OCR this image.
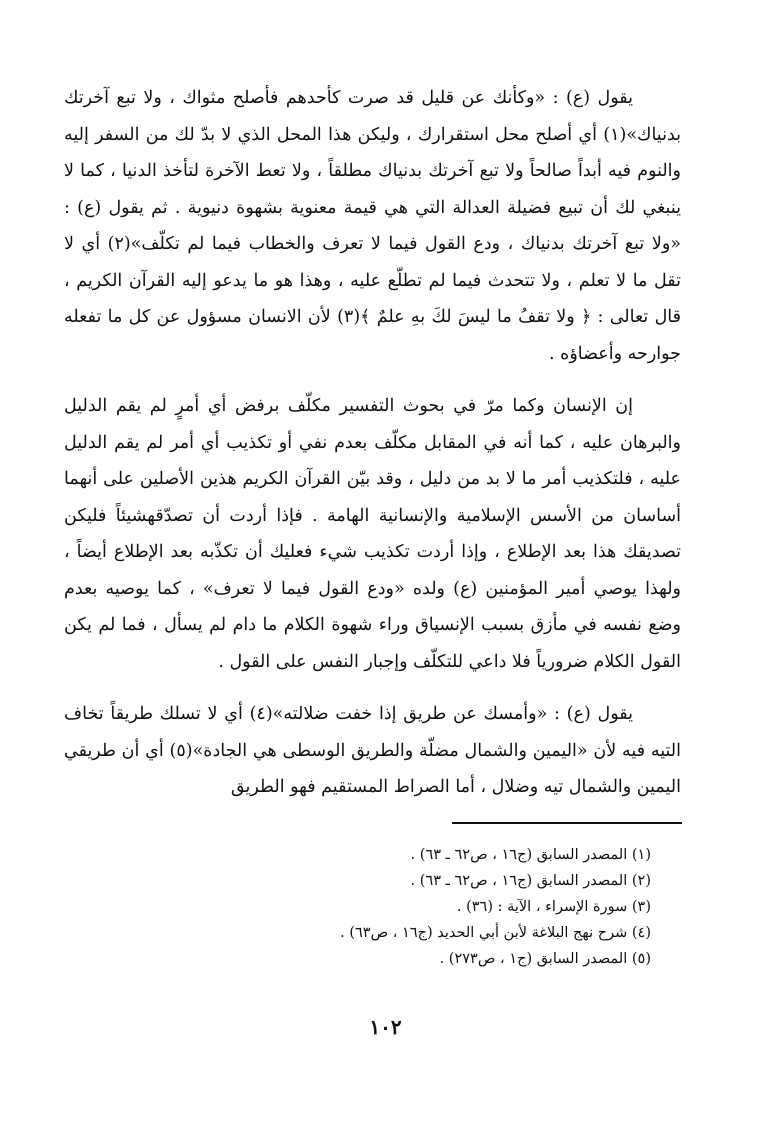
يقول (ع) : «وكأنك عن قليل قد صرت كأحدهم فأصلح مثواك ، ولا تبع آخرتك بدنياك»(١) أي أصلح محل استقرارك ، وليكن هذا المحل الذي لا بدّ لك من السفر إليه والنوم فيه أبداً صالحاً ولا تبع آخرتك بدنياك مطلقاً ، ولا تعط الآخرة لتأخذ الدنيا ، كما لا ينبغي لك أن تبيع فضيلة العدالة التي هي قيمة معنوية بشهوة دنيوية . ثم يقول (ع) : «ولا تبع آخرتك بدنياك ، ودع القول فيما لا تعرف والخطاب فيما لم تكلّف»(٢) أي لا تقل ما لا تعلم ، ولا تتحدث فيما لم تطلّع عليه ، وهذا هو ما يدعو إليه القرآن الكريم ، قال تعالى : ﴿ ولا تقفُ ما ليسَ لكَ بهِ علمٌ ﴾(٣) لأن الانسان مسؤول عن كل ما تفعله جوارحه وأعضاؤه .

إن الإنسان وكما مرّ في بحوث التفسير مكلّف برفض أي أمرٍ لم يقم الدليل والبرهان عليه ، كما أنه في المقابل مكلّف بعدم نفي أو تكذيب أي أمر لم يقم الدليل عليه ، فلتكذيب أمر ما لا بد من دليل ، وقد بيّن القرآن الكريم هذين الأصلين على أنهما أساسان من الأسس الإسلامية والإنسانية الهامة . فإذا أردت أن تصدّقهشيئاً فليكن تصديقك هذا بعد الإطلاع ، وإذا أردت تكذيب شيء فعليك أن تكذّبه بعد الإطلاع أيضاً ، ولهذا يوصي أمير المؤمنين (ع) ولده «ودع القول فيما لا تعرف» ، كما يوصيه بعدم وضع نفسه في مأزق بسبب الإنسياق وراء شهوة الكلام ما دام لم يسأل ، فما لم يكن القول الكلام ضرورياً فلا داعي للتكلّف وإجبار النفس على القول .

يقول (ع) : «وأمسك عن طريق إذا خفت ضلالته»(٤) أي لا تسلك طريقاً تخاف التيه فيه لأن «اليمين والشمال مضلّة والطريق الوسطى هي الجادة»(٥) أي أن طريقي اليمين والشمال تيه وضلال ، أما الصراط المستقيم فهو الطريق

(١) المصدر السابق (ج١٦ ، ص٦٢ ـ ٦٣) .
(٢) المصدر السابق (ج١٦ ، ص٦٢ ـ ٦٣) .
(٣) سورة الإسراء ، الآية : (٣٦) .
(٤) شرح نهج البلاغة لأبن أبي الحديد (ج١٦ ، ص٦٣) .
(٥) المصدر السابق (ج١ ، ص٢٧٣) .
١٠٢
